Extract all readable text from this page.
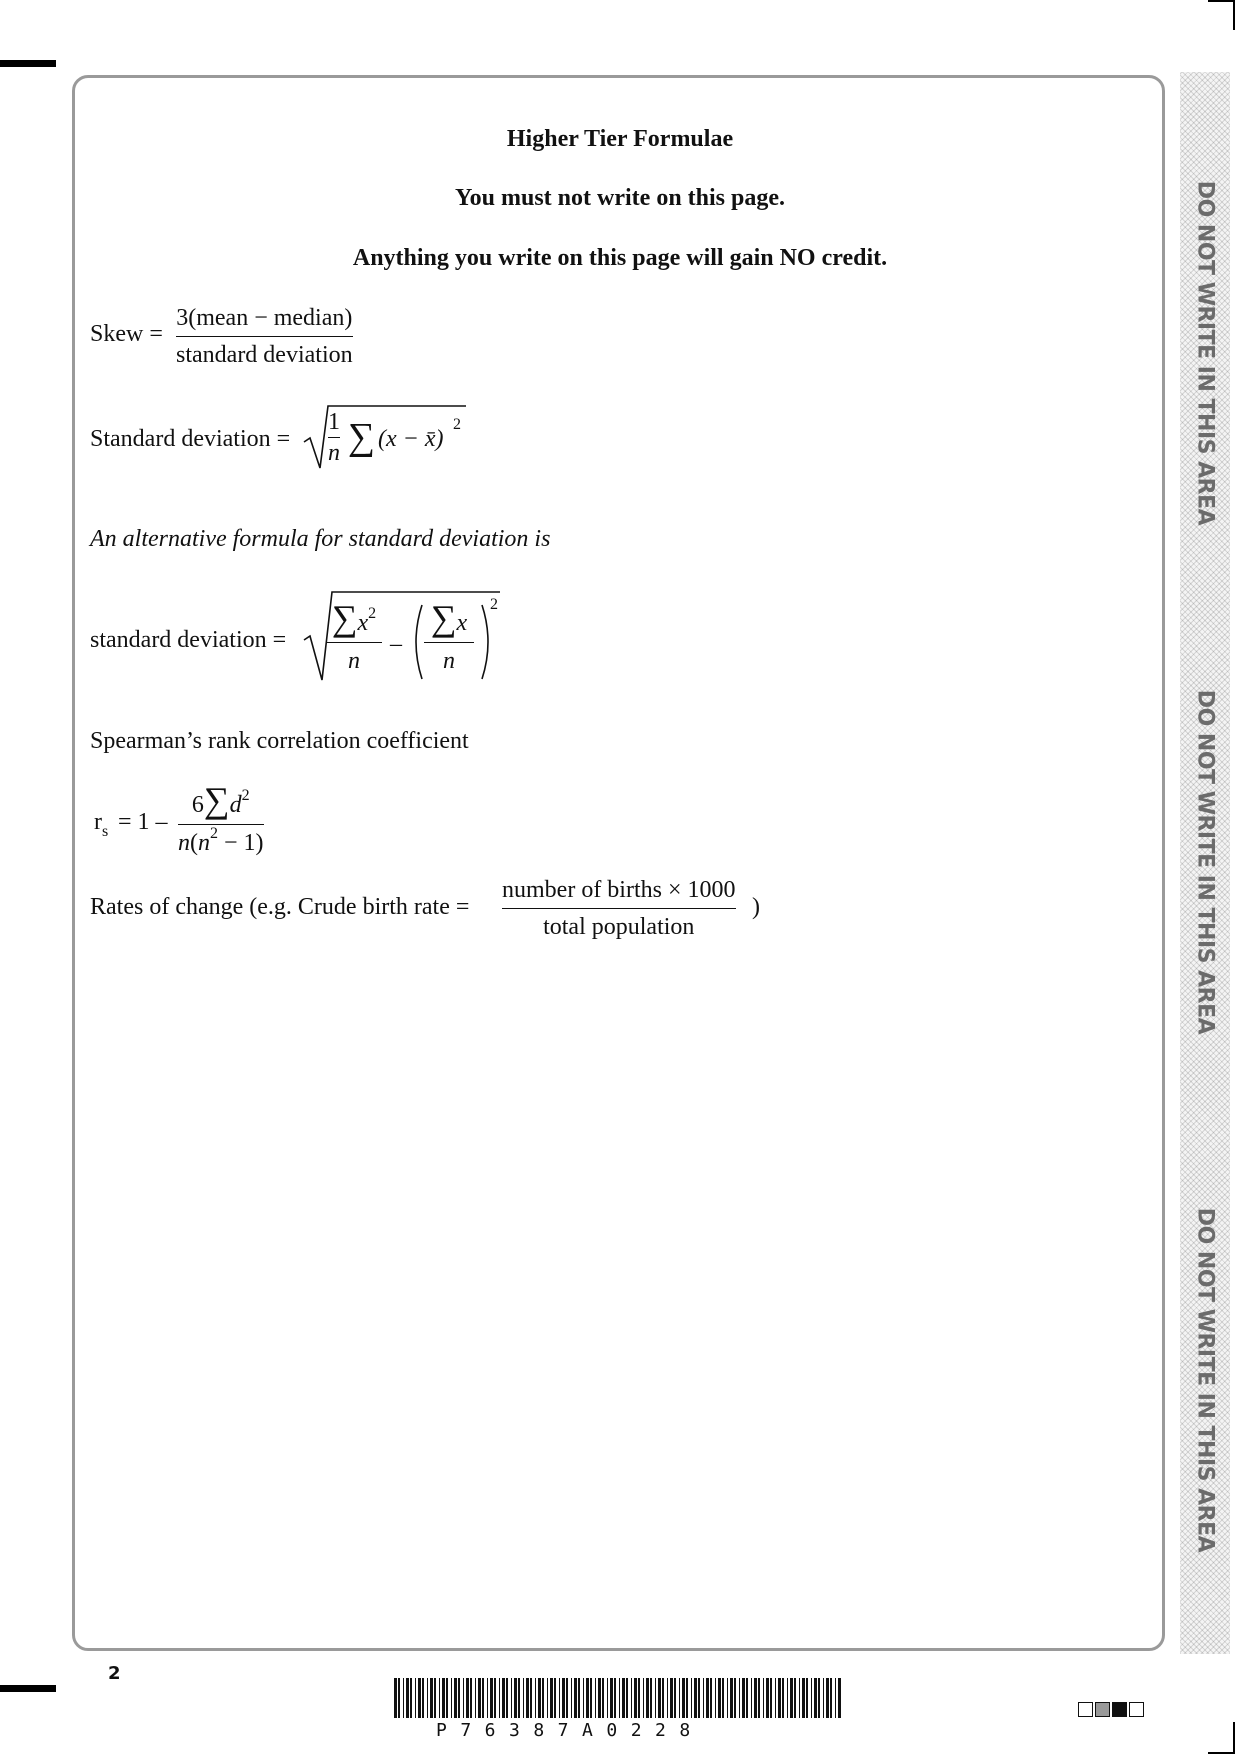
DO NOT WRITE IN THIS AREA
DO NOT WRITE IN THIS AREA
DO NOT WRITE IN THIS AREA
Higher Tier Formulae
You must not write on this page.
Anything you write on this page will gain NO credit.
Skew =
3(mean − median)
standard deviation
Standard deviation = $\frac{1}{n}$ ∑ (x − x̄)
2
An alternative formula for standard deviation is
standard deviation = $\frac{\sum x^2}{n} - \frac{\sum x}{n} 2$
Spearman’s rank correlation coefficient
$r_s = 1 - \frac{6\sum d^2}{n(n^2 - 1)}$
Rates of change (e.g. Crude birth rate =
number of births × 1000
total population
)
2
P76387A0228
